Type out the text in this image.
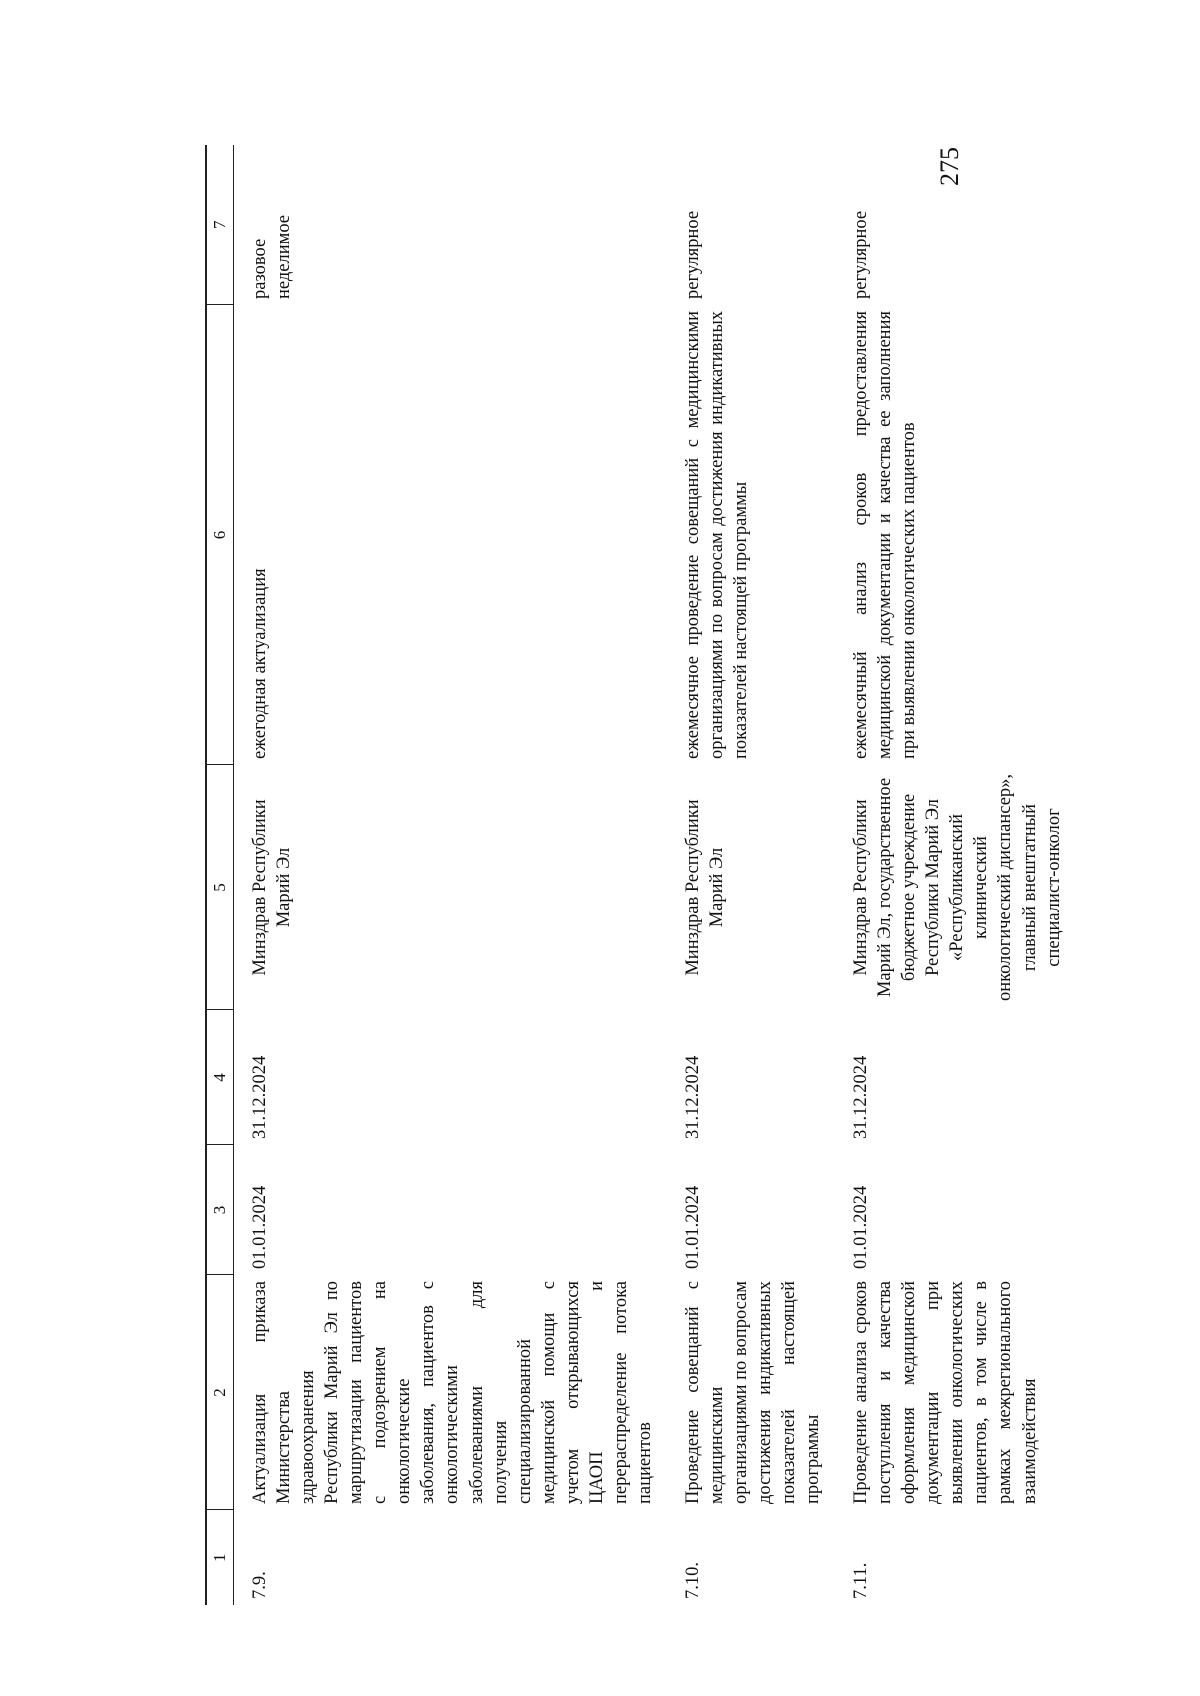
275
1	2	3	4	5	6	7
7.9.	Актуализация приказа Министерства здравоохранения Республики Марий Эл по маршрутизации пациентов с подозрением на онкологические заболевания, пациентов с онкологическими заболеваниями для получения специализированной медицинской помощи с учетом открывающихся ЦАОП и перераспределение потока пациентов	01.01.2024	31.12.2024	Минздрав Республики Марий Эл	ежегодная актуализация	разовое неделимое
7.10.	Проведение совещаний с медицинскими организациями по вопросам достижения индикативных показателей настоящей программы	01.01.2024	31.12.2024	Минздрав Республики Марий Эл	ежемесячное проведение совещаний с медицинскими организациями по вопросам достижения индикативных показателей настоящей программы	регулярное
7.11.	Проведение анализа сроков поступления и качества оформления медицинской документации при выявлении онкологических пациентов, в том числе в рамках межрегионального взаимодействия	01.01.2024	31.12.2024	Минздрав Республики Марий Эл, государственное бюджетное учреждение Республики Марий Эл «Республиканский клинический онкологический диспансер», главный внештатный специалист-онколог	ежемесячный анализ сроков предоставления медицинской документации и качества ее заполнения при выявлении онкологических пациентов	регулярное
